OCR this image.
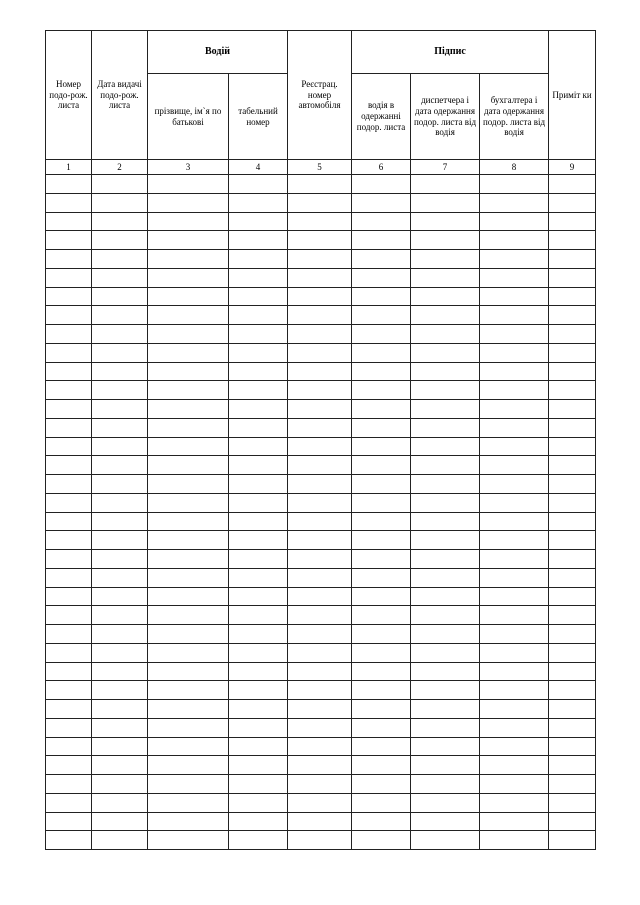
Номер подо-рож. листа	Дата видачі подо-рож. листа	Водій		Реєстрац. номер автомобіля	Підпис			Приміт ки

		прізвище, ім`я по батькові	табельний номер		водія в одержанні подор. листа	диспетчера і дата одержання подор. листа від водія	бухгалтера і дата одержання подор. листа від водія	

1	2	3	4	5	6	7	8	9
